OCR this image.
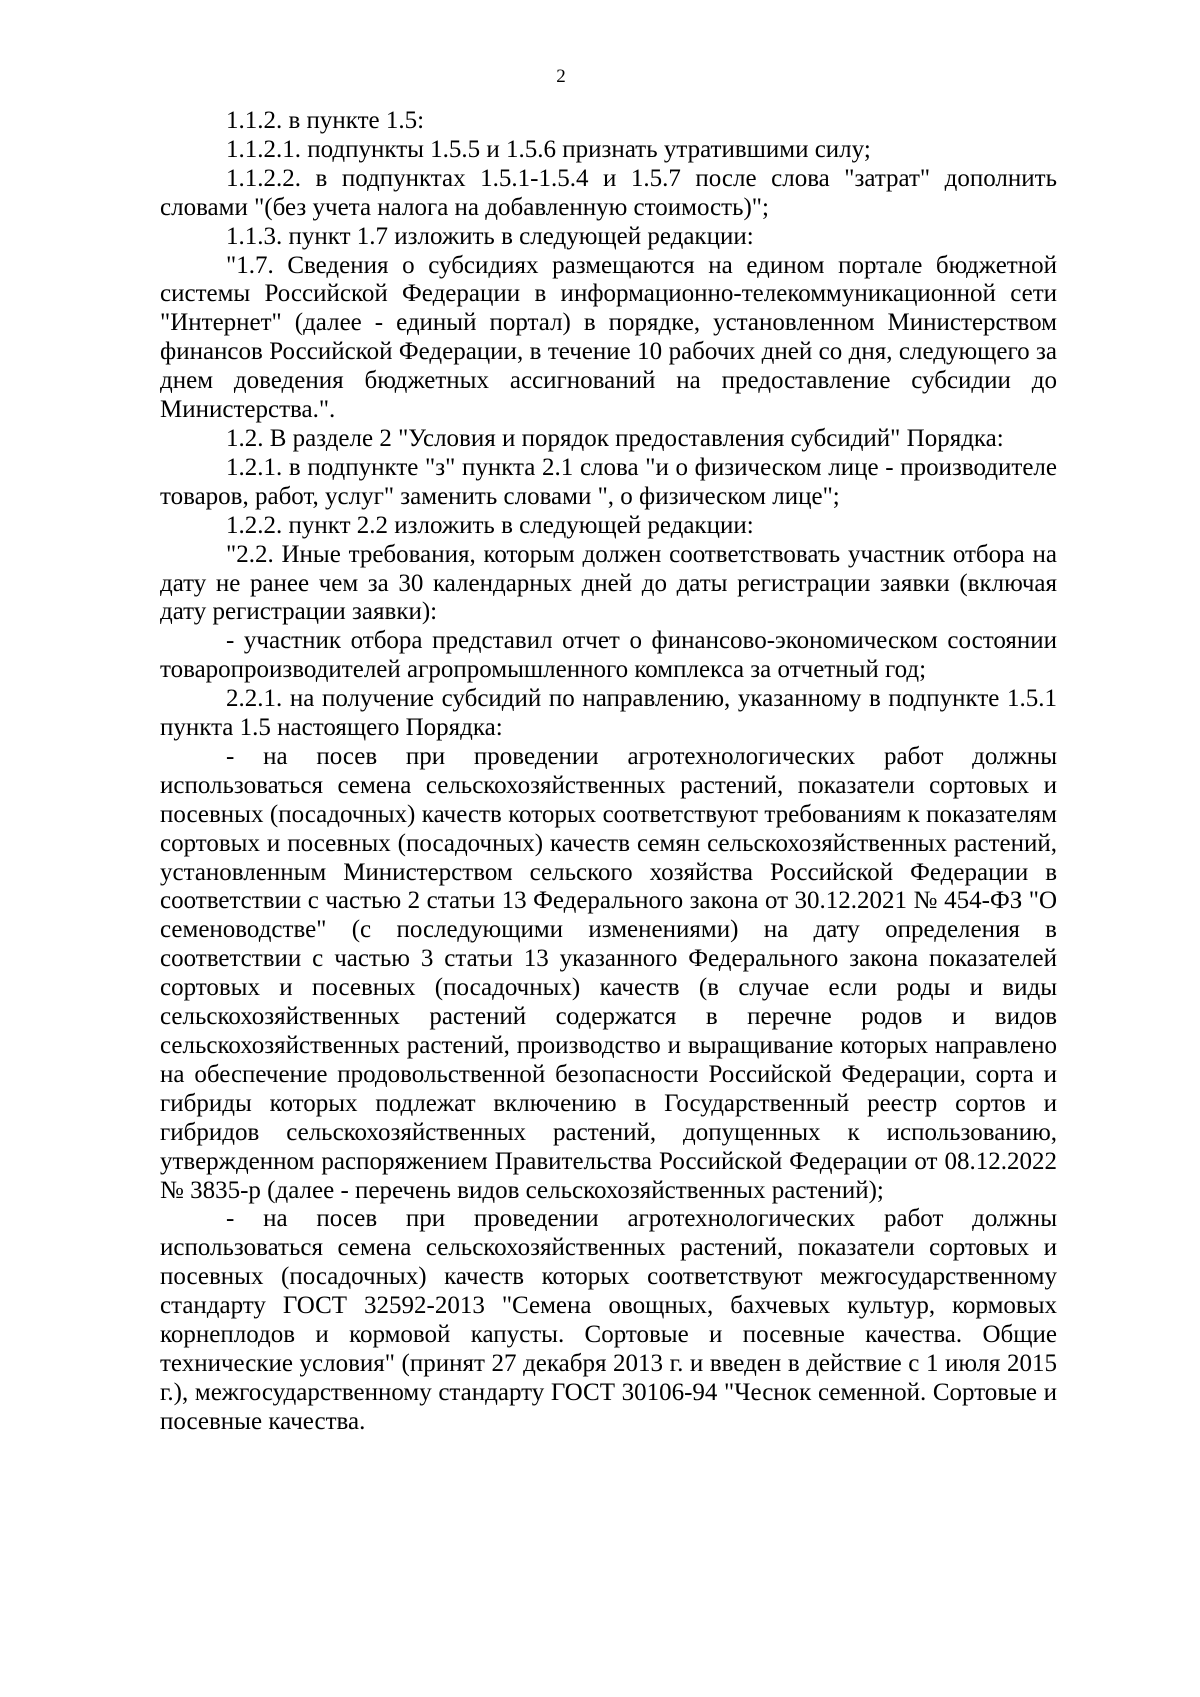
2

1.1.2. в пункте 1.5:

1.1.2.1. подпункты 1.5.5 и 1.5.6 признать утратившими силу;

1.1.2.2. в подпунктах 1.5.1-1.5.4 и 1.5.7 после слова "затрат" дополнить словами "(без учета налога на добавленную стоимость)";

1.1.3. пункт 1.7 изложить в следующей редакции:

"1.7. Сведения о субсидиях размещаются на едином портале бюджетной системы Российской Федерации в информационно-телекоммуникационной сети "Интернет" (далее - единый портал) в порядке, установленном Министерством финансов Российской Федерации, в течение 10 рабочих дней со дня, следующего за днем доведения бюджетных ассигнований на предоставление субсидии до Министерства.".

1.2. В разделе 2 "Условия и порядок предоставления субсидий" Порядка:

1.2.1. в подпункте "з" пункта 2.1 слова "и о физическом лице - производителе товаров, работ, услуг" заменить словами ", о физическом лице";

1.2.2. пункт 2.2 изложить в следующей редакции:

"2.2. Иные требования, которым должен соответствовать участник отбора на дату не ранее чем за 30 календарных дней до даты регистрации заявки (включая дату регистрации заявки):

- участник отбора представил отчет о финансово-экономическом состоянии товаропроизводителей агропромышленного комплекса за отчетный год;

2.2.1. на получение субсидий по направлению, указанному в подпункте 1.5.1 пункта 1.5 настоящего Порядка:

- на посев при проведении агротехнологических работ должны использоваться семена сельскохозяйственных растений, показатели сортовых и посевных (посадочных) качеств которых соответствуют требованиям к показателям сортовых и посевных (посадочных) качеств семян сельскохозяйственных растений, установленным Министерством сельского хозяйства Российской Федерации в соответствии с частью 2 статьи 13 Федерального закона от 30.12.2021 № 454-ФЗ "О семеноводстве" (с последующими изменениями) на дату определения в соответствии с частью 3 статьи 13 указанного Федерального закона показателей сортовых и посевных (посадочных) качеств (в случае если роды и виды сельскохозяйственных растений содержатся в перечне родов и видов сельскохозяйственных растений, производство и выращивание которых направлено на обеспечение продовольственной безопасности Российской Федерации, сорта и гибриды которых подлежат включению в Государственный реестр сортов и гибридов сельскохозяйственных растений, допущенных к использованию, утвержденном распоряжением Правительства Российской Федерации от 08.12.2022 № 3835-р (далее - перечень видов сельскохозяйственных растений);

- на посев при проведении агротехнологических работ должны использоваться семена сельскохозяйственных растений, показатели сортовых и посевных (посадочных) качеств которых соответствуют межгосударственному стандарту ГОСТ 32592-2013 "Семена овощных, бахчевых культур, кормовых корнеплодов и кормовой капусты. Сортовые и посевные качества. Общие технические условия" (принят 27 декабря 2013 г. и введен в действие с 1 июля 2015 г.), межгосударственному стандарту ГОСТ 30106-94 "Чеснок семенной. Сортовые и посевные качества.
